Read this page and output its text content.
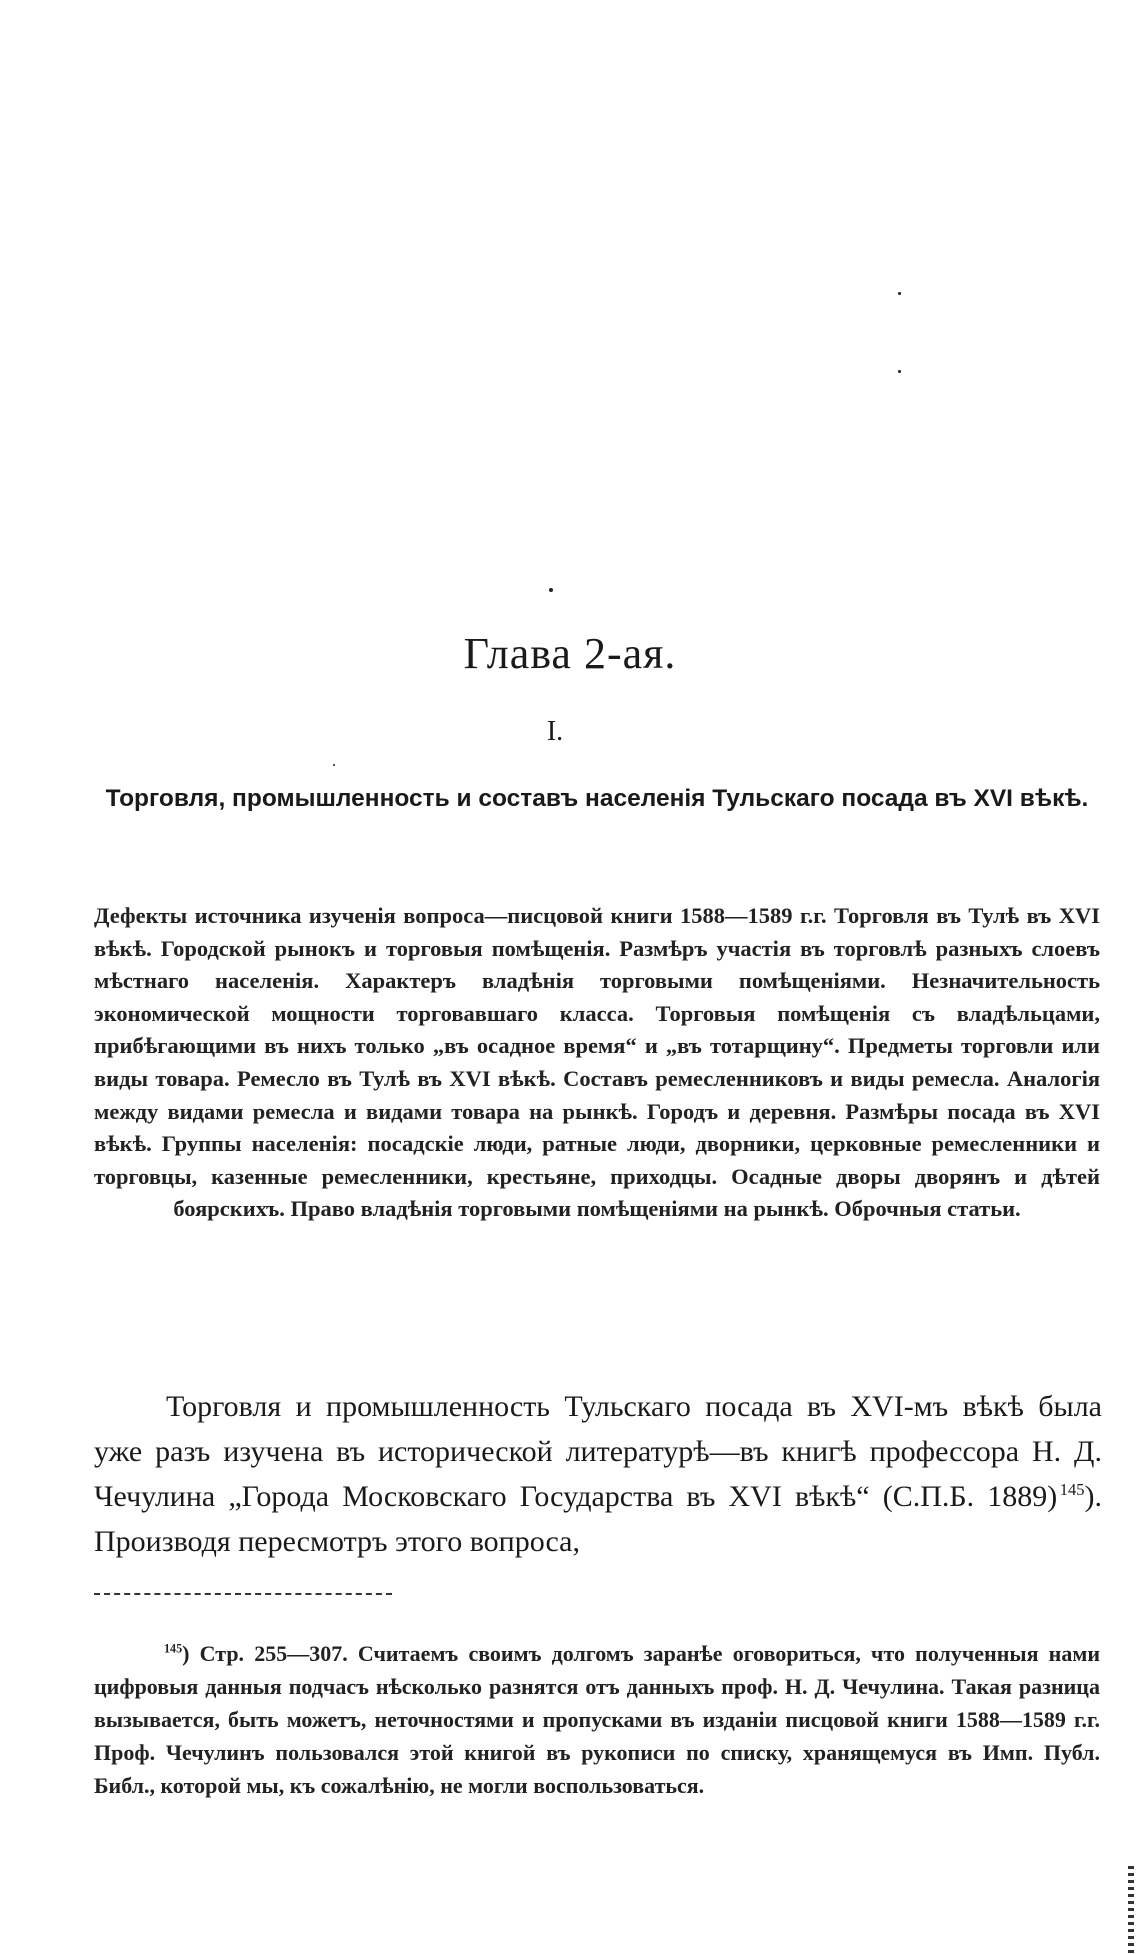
Глава 2-ая.
I.
Торговля, промышленность и составъ населенія Тульскаго посада въ XVI вѣкѣ.

Дефекты источника изученія вопроса—писцовой книги 1588—1589 г.г. Торговля въ Тулѣ въ XVI вѣкѣ. Городской рынокъ и торговыя помѣщенія. Размѣръ участія въ торговлѣ разныхъ слоевъ мѣстнаго населенія. Характеръ владѣнія торговыми помѣщеніями. Незначительность экономической мощности торговавшаго класса. Торговыя помѣщенія съ владѣльцами, прибѣгающими въ нихъ только „въ осадное время“ и „въ тотарщину“. Предметы торговли или виды товара. Ремесло въ Тулѣ въ XVI вѣкѣ. Составъ ремесленниковъ и виды ремесла. Аналогія между видами ремесла и видами товара на рынкѣ. Городъ и деревня. Размѣры посада въ XVI вѣкѣ. Группы населенія: посадскіе люди, ратные люди, дворники, церковные ремесленники и торговцы, казенные ремесленники, крестьяне, приходцы. Осадные дворы дворянъ и дѣтей боярскихъ. Право владѣнія торговыми помѣщеніями на рынкѣ. Оброчныя статьи.

Торговля и промышленность Тульскаго посада въ XVI-мъ вѣкѣ была уже разъ изучена въ исторической литературѣ—въ книгѣ профессора Н. Д. Чечулина „Города Московскаго Государства въ XVI вѣкѣ“ (С.П.Б. 1889)  $^{145}$). Производя пересмотръ этого вопроса,

$^{145}$) Стр. 255—307. Считаемъ своимъ долгомъ заранѣе оговориться, что полученныя нами цифровыя данныя подчасъ нѣсколько разнятся отъ данныхъ проф. Н. Д. Чечулина. Такая разница вызывается, быть можетъ, неточностями и пропусками въ изданіи писцовой книги 1588—1589 г.г. Проф. Чечулинъ пользовался этой книгой въ рукописи по списку, хранящемуся въ Имп. Публ. Библ., которой мы, къ сожалѣнію, не могли воспользоваться.
